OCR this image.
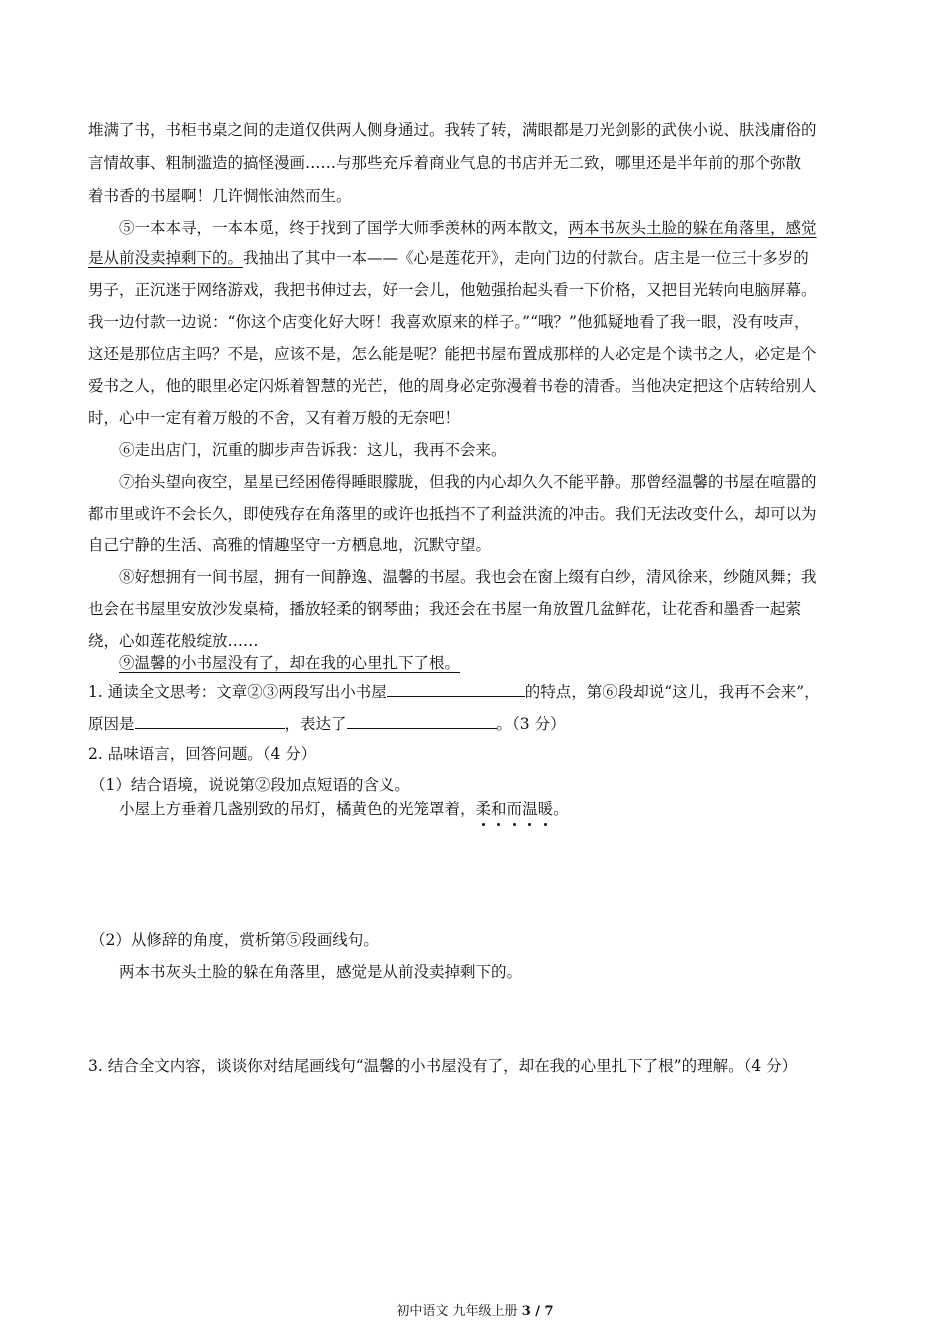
堆满了书，书柜书桌之间的走道仅供两人侧身通过。我转了转，满眼都是刀光剑影的武侠小说、肤浅庸俗的
言情故事、粗制滥造的搞怪漫画……与那些充斥着商业气息的书店并无二致，哪里还是半年前的那个弥散
着书香的书屋啊！几许惆怅油然而生。
⑤一本本寻，一本本觅，终于找到了国学大师季羡林的两本散文，两本书灰头土脸的躲在角落里，感觉
是从前没卖掉剩下的。我抽出了其中一本——《心是莲花开》，走向门边的付款台。店主是一位三十多岁的
男子，正沉迷于网络游戏，我把书伸过去，好一会儿，他勉强抬起头看一下价格，又把目光转向电脑屏幕。
我一边付款一边说：“你这个店变化好大呀！我喜欢原来的样子。”“哦？”他狐疑地看了我一眼，没有吱声，
这还是那位店主吗？不是，应该不是，怎么能是呢？能把书屋布置成那样的人必定是个读书之人，必定是个
爱书之人，他的眼里必定闪烁着智慧的光芒，他的周身必定弥漫着书卷的清香。当他决定把这个店转给别人
时，心中一定有着万般的不舍，又有着万般的无奈吧！
⑥走出店门，沉重的脚步声告诉我：这儿，我再不会来。
⑦抬头望向夜空，星星已经困倦得睡眼朦胧，但我的内心却久久不能平静。那曾经温馨的书屋在喧嚣的
都市里或许不会长久，即使残存在角落里的或许也抵挡不了利益洪流的冲击。我们无法改变什么，却可以为
自己宁静的生活、高雅的情趣坚守一方栖息地，沉默守望。
⑧好想拥有一间书屋，拥有一间静逸、温馨的书屋。我也会在窗上缀有白纱，清风徐来，纱随风舞；我
也会在书屋里安放沙发桌椅，播放轻柔的钢琴曲；我还会在书屋一角放置几盆鲜花，让花香和墨香一起萦
绕，心如莲花般绽放……
⑨温馨的小书屋没有了，却在我的心里扎下了根。
1. 通读全文思考：文章②③两段写出小书屋	的特点，第⑥段却说“这儿，我再不会来”，
原因是	，表达了	。（3 分）
2. 品味语言，回答问题。（4 分）
（1）结合语境，说说第②段加点短语的含义。
小屋上方垂着几盏别致的吊灯，橘黄色的光笼罩着，柔和而温暖。
（2）从修辞的角度，赏析第⑤段画线句。
两本书灰头土脸的躲在角落里，感觉是从前没卖掉剩下的。
3. 结合全文内容，谈谈你对结尾画线句“温馨的小书屋没有了，却在我的心里扎下了根”的理解。（4 分）
初中语文 九年级上册 3 / 7
